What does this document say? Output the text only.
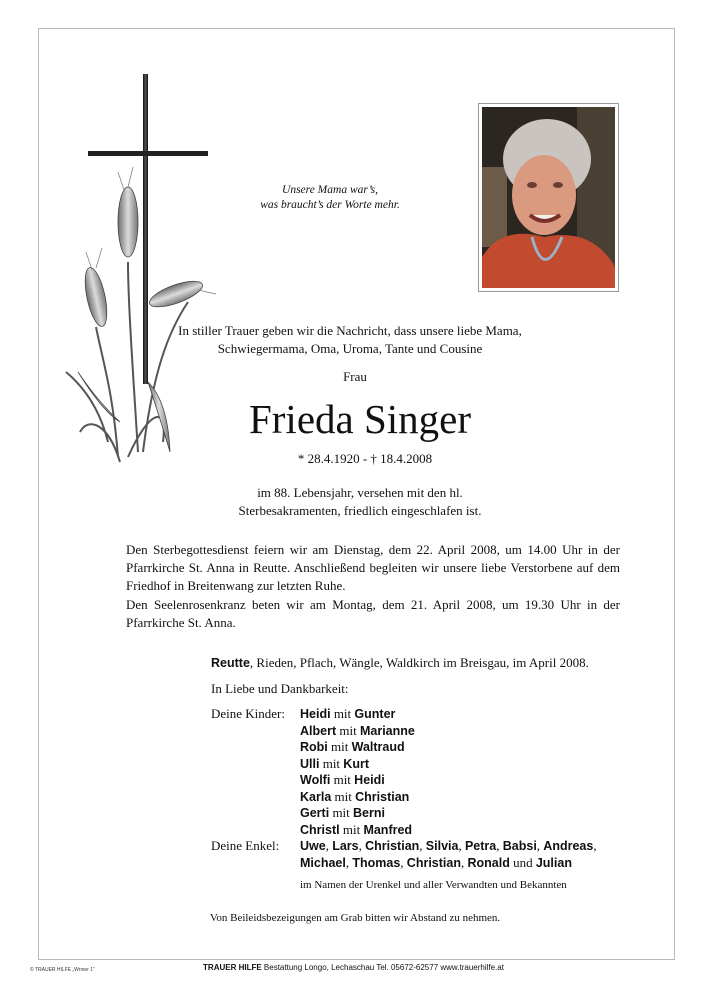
Unsere Mama war’s,
was braucht’s der Worte mehr.
In stiller Trauer geben wir die Nachricht, dass unsere liebe Mama,
Schwiegermama, Oma, Uroma, Tante und Cousine
Frau
Frieda Singer
* 28.4.1920 - † 18.4.2008
im 88. Lebensjahr, versehen mit den hl.
Sterbesakramenten, friedlich eingeschlafen ist.
Den Sterbegottesdienst feiern wir am Dienstag, dem 22. April 2008, um 14.00 Uhr in der Pfarrkirche St. Anna in Reutte. Anschließend begleiten wir unsere liebe Verstorbene auf dem Friedhof in Breitenwang zur letzten Ruhe.
Den Seelenrosenkranz beten wir am Montag, dem 21. April 2008, um 19.30 Uhr in der Pfarrkirche St. Anna.
Reutte, Rieden, Pflach, Wängle, Waldkirch im Breisgau, im April 2008.
In Liebe und Dankbarkeit:
Deine Kinder:	Heidi mit Gunter
Albert mit Marianne
Robi mit Waltraud
Ulli mit Kurt
Wolfi mit Heidi
Karla mit Christian
Gerti mit Berni
Christl mit Manfred
Deine Enkel:	Uwe, Lars, Christian, Silvia, Petra, Babsi, Andreas,
Michael, Thomas, Christian, Ronald und Julian
im Namen der Urenkel und aller Verwandten und Bekannten
Von Beileidsbezeigungen am Grab bitten wir Abstand zu nehmen.
TRAUER HILFE Bestattung Longo, Lechaschau Tel. 05672-62577 www.trauerhilfe.at
© TRAUER HILFE „Wnner 1“
